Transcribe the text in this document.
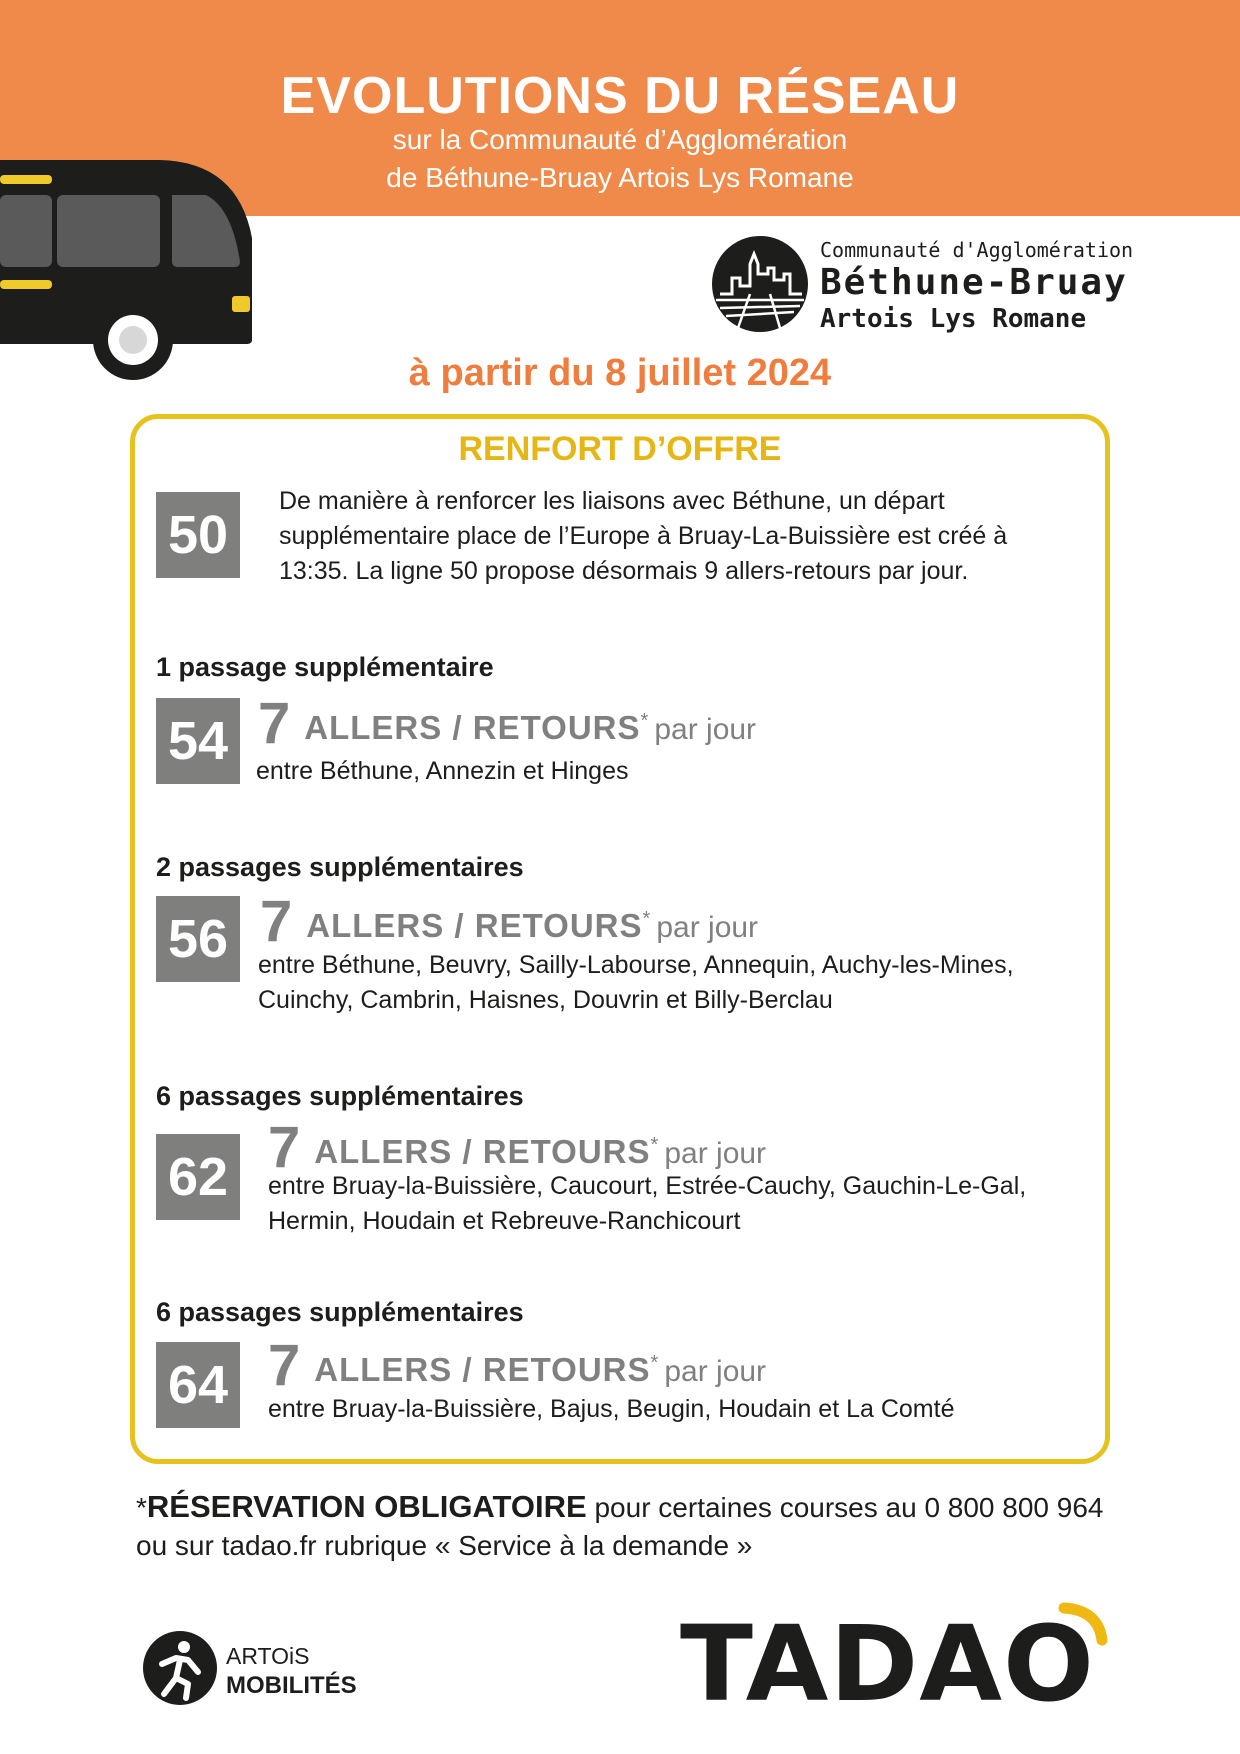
EVOLUTIONS DU RÉSEAU
sur la Communauté d’Agglomération
de Béthune-Bruay Artois Lys Romane
Communauté d'Agglomération
Béthune-Bruay
Artois Lys Romane
à partir du 8 juillet 2024
RENFORT D’OFFRE
50
De manière à renforcer les liaisons avec Béthune, un départ
supplémentaire place de l’Europe à Bruay-La-Buissière est créé à
13:35. La ligne 50 propose désormais 9 allers-retours par jour.
1 passage supplémentaire
54 7 ALLERS / RETOURS* par jour
entre Béthune, Annezin et Hinges
2 passages supplémentaires
56 7 ALLERS / RETOURS* par jour
entre Béthune, Beuvry, Sailly-Labourse, Annequin, Auchy-les-Mines,
Cuinchy, Cambrin, Haisnes, Douvrin et Billy-Berclau
6 passages supplémentaires
62 7 ALLERS / RETOURS* par jour
entre Bruay-la-Buissière, Caucourt, Estrée-Cauchy, Gauchin-Le-Gal,
Hermin, Houdain et Rebreuve-Ranchicourt
6 passages supplémentaires
64 7 ALLERS / RETOURS* par jour
entre Bruay-la-Buissière, Bajus, Beugin, Houdain et La Comté
*RÉSERVATION OBLIGATOIRE pour certaines courses au 0 800 800 964
ou sur tadao.fr rubrique « Service à la demande »
ARTOiS
MOBILITÉS	TADAO
